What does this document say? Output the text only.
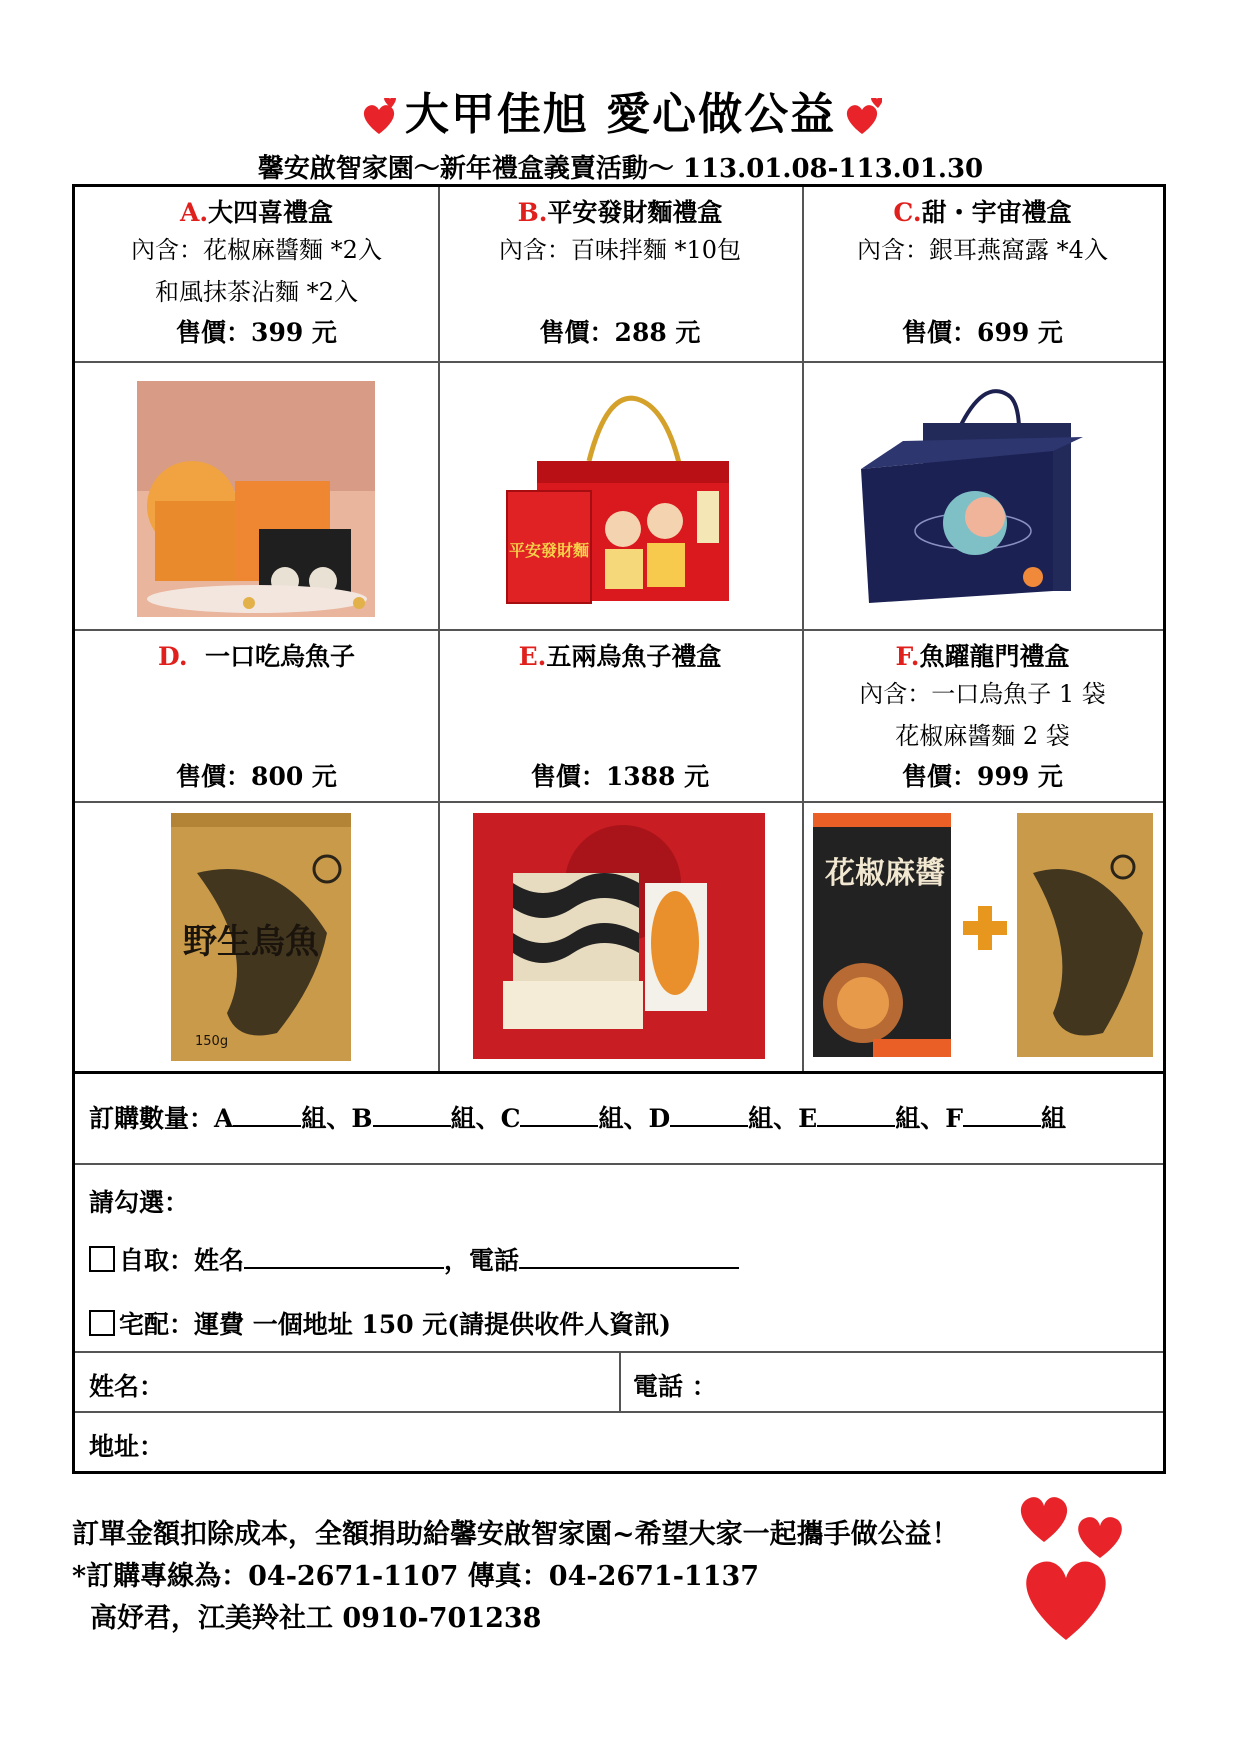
大甲佳旭 愛心做公益
馨安啟智家園～新年禮盒義賣活動～ 113.01.08-113.01.30
A.大四喜禮盒
內含：花椒麻醬麵 *2入
和風抹茶沾麵 *2入
售價：399 元
B.平安發財麵禮盒
內含：百味拌麵 *10包
售價：288 元
C.甜・宇宙禮盒
內含：銀耳燕窩露 *4入
售價：699 元
平安發財麵
D. 一口吃烏魚子
售價：800 元
E.五兩烏魚子禮盒
售價：1388 元
F.魚躍龍門禮盒
內含：一口烏魚子 1 袋
花椒麻醬麵 2 袋
售價：999 元
野生烏魚
150g
花椒麻醬
訂購數量：A	組、B	組、C	組、D	組、E	組、F	組
請勾選：
自取：姓名	，電話
宅配：運費 一個地址 150 元(請提供收件人資訊)
姓名：	電話 ：
地址：
訂單金額扣除成本，全額捐助給馨安啟智家園~希望大家一起攜手做公益！
*訂購專線為：04-2671-1107 傳真：04-2671-1137
高妤君，江美羚社工 0910-701238
